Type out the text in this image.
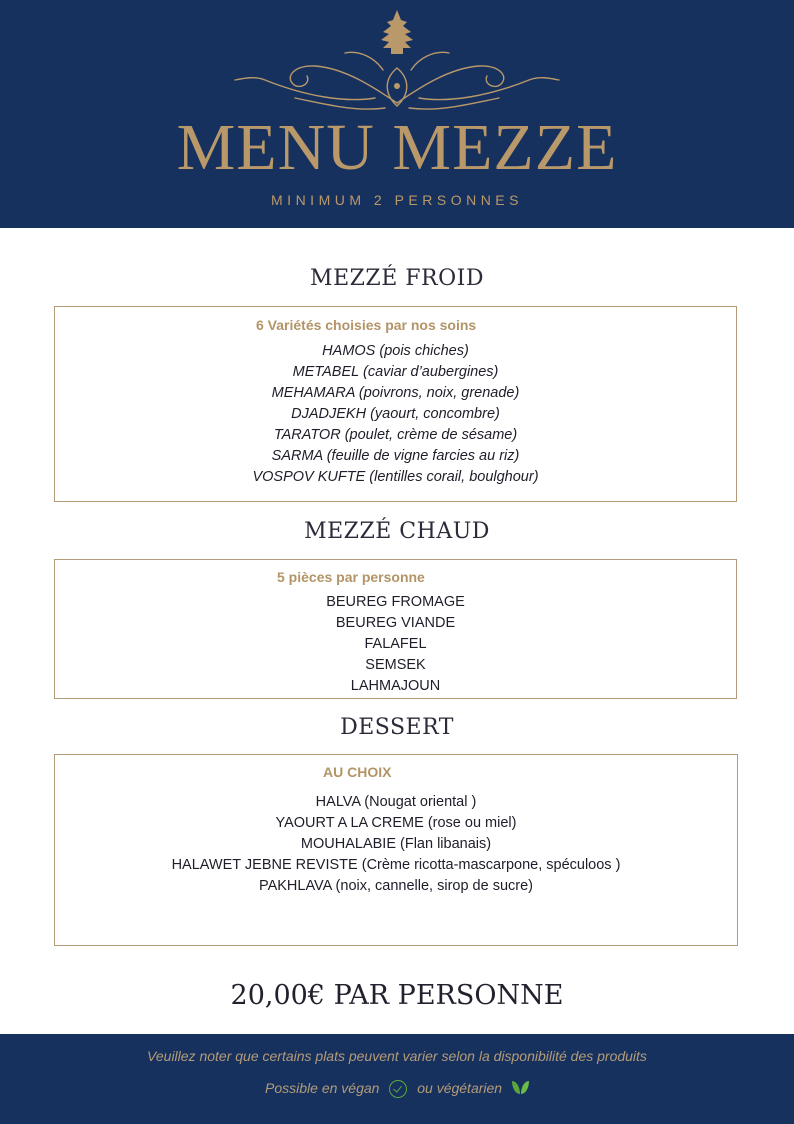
MENU MEZZE
MINIMUM 2 PERSONNES
MEZZÉ FROID
6 Variétés choisies par nos soins
HAMOS (pois chiches)
METABEL (caviar d’aubergines)
MEHAMARA (poivrons, noix, grenade)
DJADJEKH (yaourt, concombre)
TARATOR (poulet, crème de sésame)
SARMA (feuille de vigne farcies au riz)
VOSPOV KUFTE (lentilles corail, boulghour)
MEZZÉ CHAUD
5 pièces par personne
BEUREG FROMAGE
BEUREG VIANDE
FALAFEL
SEMSEK
LAHMAJOUN
DESSERT
AU CHOIX
HALVA (Nougat oriental )
YAOURT A LA CREME (rose ou miel)
MOUHALABIE (Flan libanais)
HALAWET JEBNE REVISTE (Crème ricotta-mascarpone, spéculoos )
PAKHLAVA (noix, cannelle, sirop de sucre)
20,00€ PAR PERSONNE
Veuillez noter que certains plats peuvent varier selon la disponibilité des produits
Possible en végan	ou végétarien
